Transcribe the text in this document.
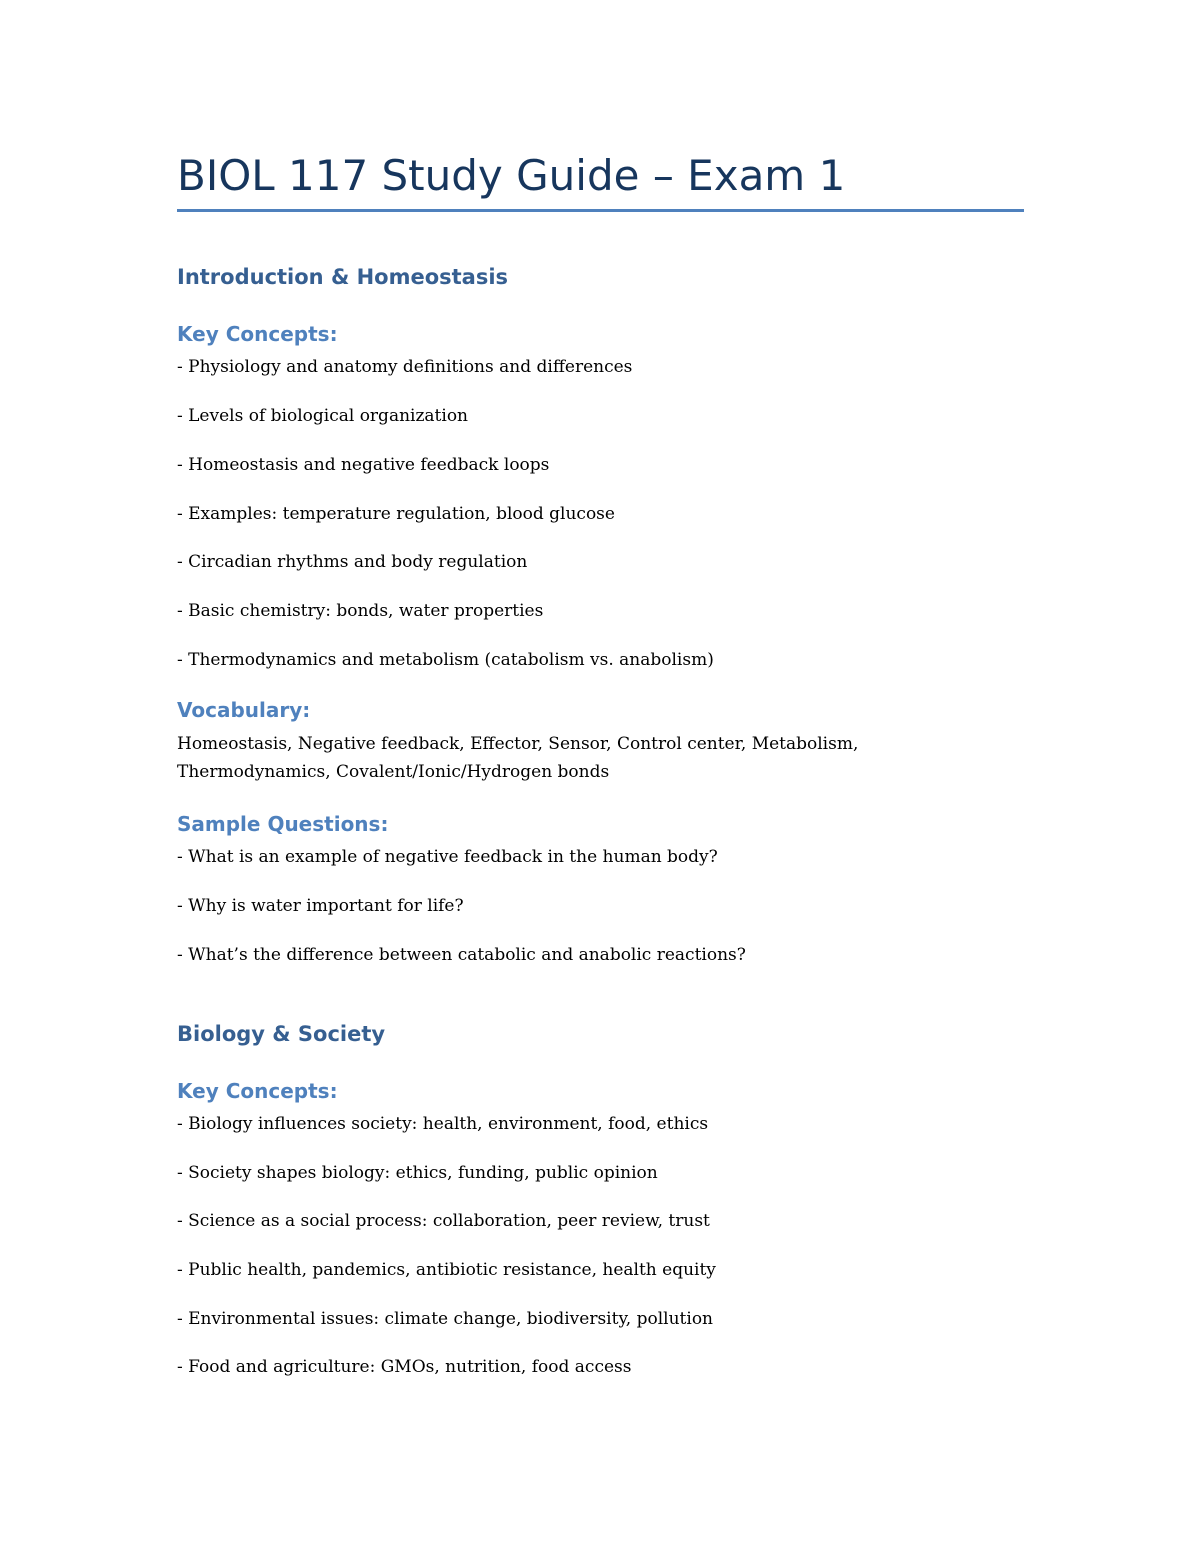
BIOL 117 Study Guide – Exam 1
Introduction & Homeostasis
Key Concepts:

- Physiology and anatomy definitions and differences

- Levels of biological organization

- Homeostasis and negative feedback loops

- Examples: temperature regulation, blood glucose

- Circadian rhythms and body regulation

- Basic chemistry: bonds, water properties

- Thermodynamics and metabolism (catabolism vs. anabolism)

Vocabulary:

Homeostasis, Negative feedback, Effector, Sensor, Control center, Metabolism, Thermodynamics, Covalent/Ionic/Hydrogen bonds

Sample Questions:

- What is an example of negative feedback in the human body?

- Why is water important for life?

- What’s the difference between catabolic and anabolic reactions?

Biology & Society
Key Concepts:

- Biology influences society: health, environment, food, ethics

- Society shapes biology: ethics, funding, public opinion

- Science as a social process: collaboration, peer review, trust

- Public health, pandemics, antibiotic resistance, health equity

- Environmental issues: climate change, biodiversity, pollution

- Food and agriculture: GMOs, nutrition, food access
